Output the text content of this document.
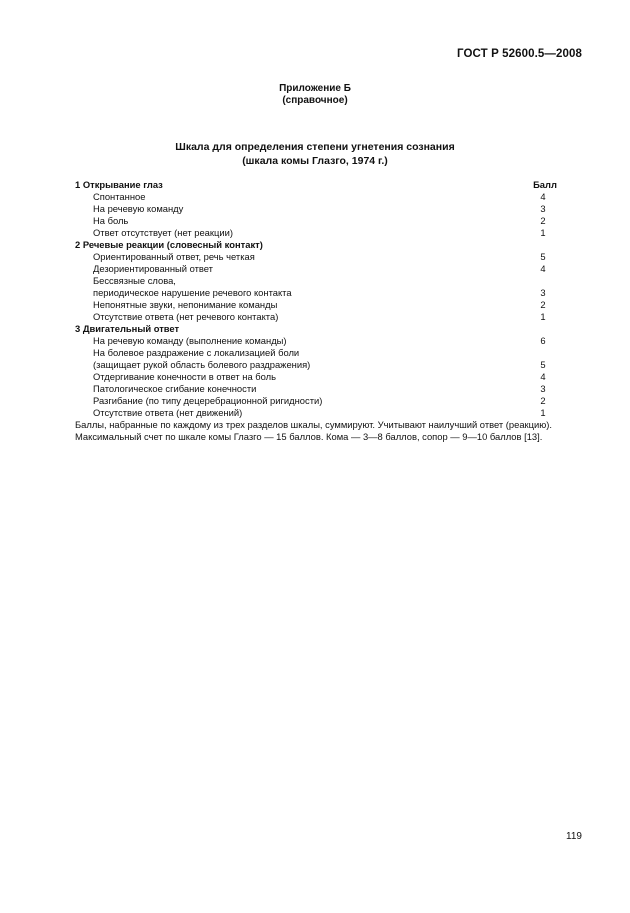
ГОСТ Р 52600.5—2008
Приложение Б
(справочное)
Шкала для определения степени угнетения сознания
(шкала комы Глазго, 1974 г.)
1 Открывание глаз	Балл
Спонтанное	4
На речевую команду	3
На боль	2
Ответ отсутствует (нет реакции)	1
2 Речевые реакции (словесный контакт)
Ориентированный ответ, речь четкая	5
Дезориентированный ответ	4
Бессвязные слова,
периодическое нарушение речевого контакта	3
Непонятные звуки, непонимание команды	2
Отсутствие ответа (нет речевого контакта)	1
3 Двигательный ответ
На речевую команду (выполнение команды)	6
На болевое раздражение с локализацией боли
(защищает рукой область болевого раздражения)	5
Отдергивание конечности в ответ на боль	4
Патологическое сгибание конечности	3
Разгибание (по типу децеребрационной ригидности)	2
Отсутствие ответа (нет движений)	1

Баллы, набранные по каждому из трех разделов шкалы, суммируют. Учитывают наилучший ответ (реакцию).

Максимальный счет по шкале комы Глазго — 15 баллов. Кома — 3—8 баллов, сопор — 9—10 баллов [13].

119
